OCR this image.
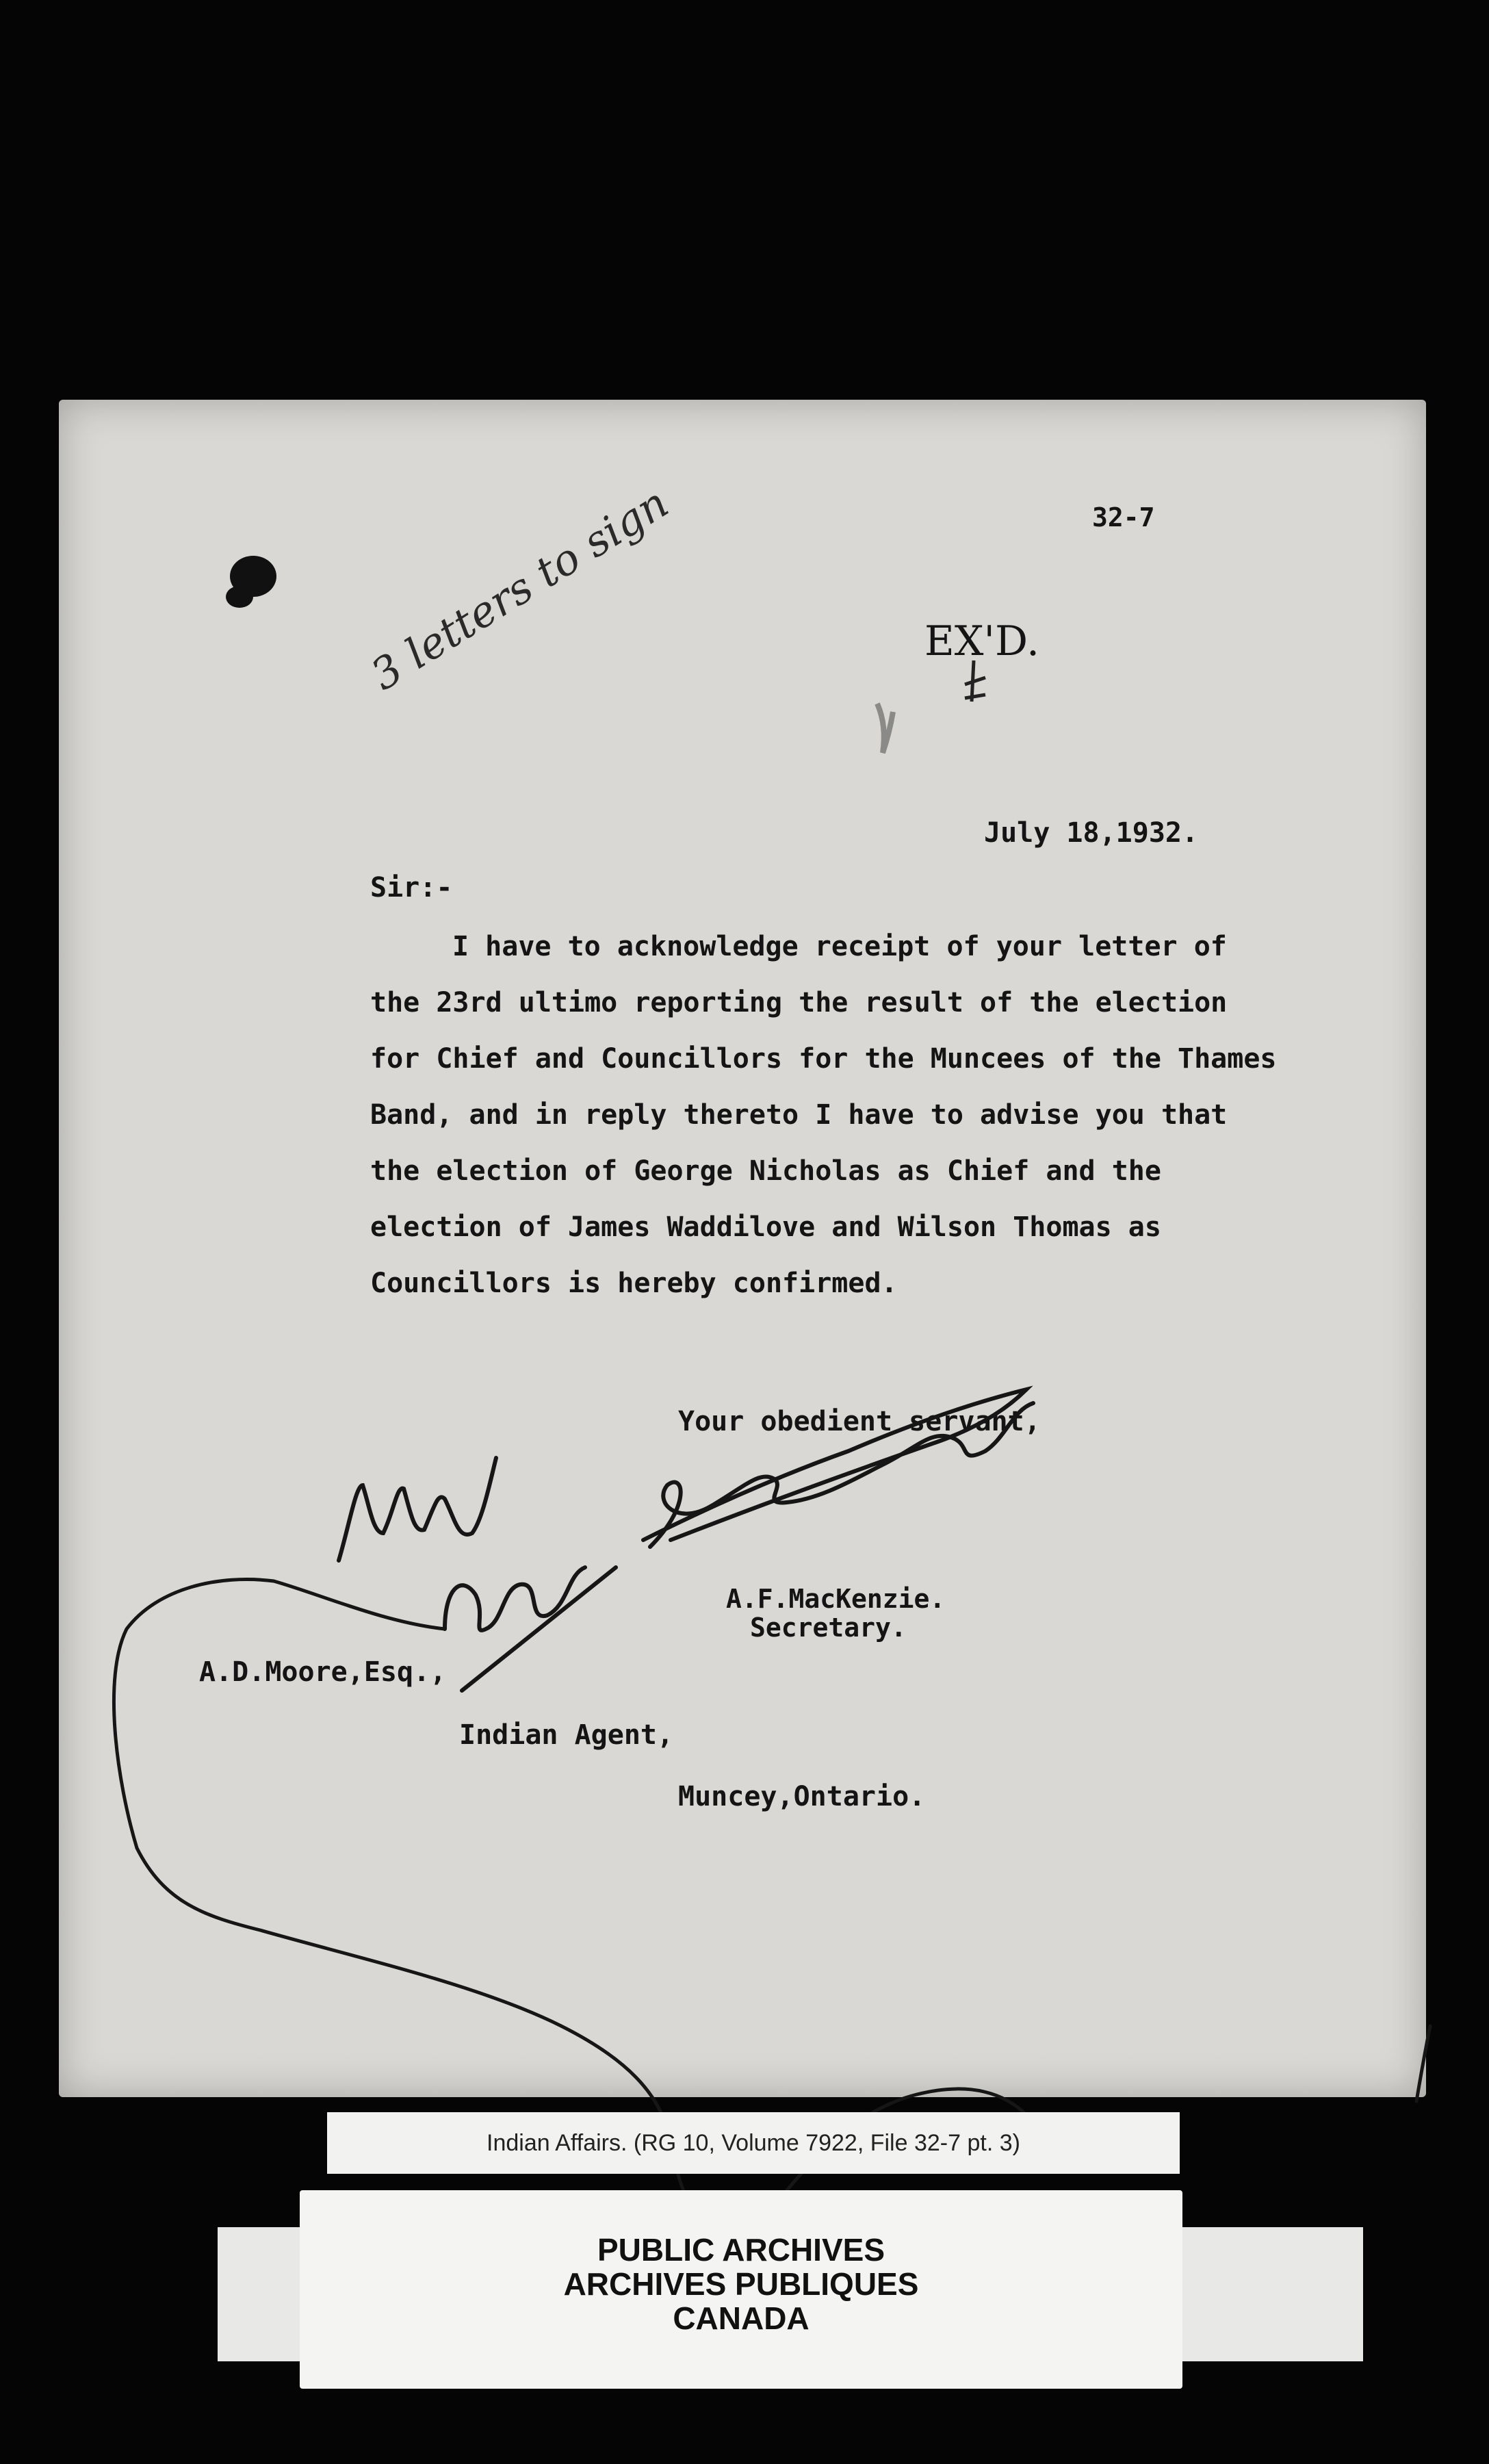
32-7
EX'D.
July 18,1932.
Sir:-
I have to acknowledge receipt of your letter of
the 23rd ultimo reporting the result of the election
for Chief and Councillors for the Muncees of the Thames
Band, and in reply thereto I have to advise you that
the election of George Nicholas as Chief and the
election of James Waddilove and Wilson Thomas as
Councillors is hereby confirmed.
Your obedient servant,
A.F.MacKenzie.
Secretary.
A.D.Moore,Esq.,
Indian Agent,
Muncey,Ontario.
3 letters to sign
Indian Affairs. (RG 10, Volume 7922, File 32-7 pt. 3)
PUBLIC ARCHIVES
ARCHIVES PUBLIQUES
CANADA
